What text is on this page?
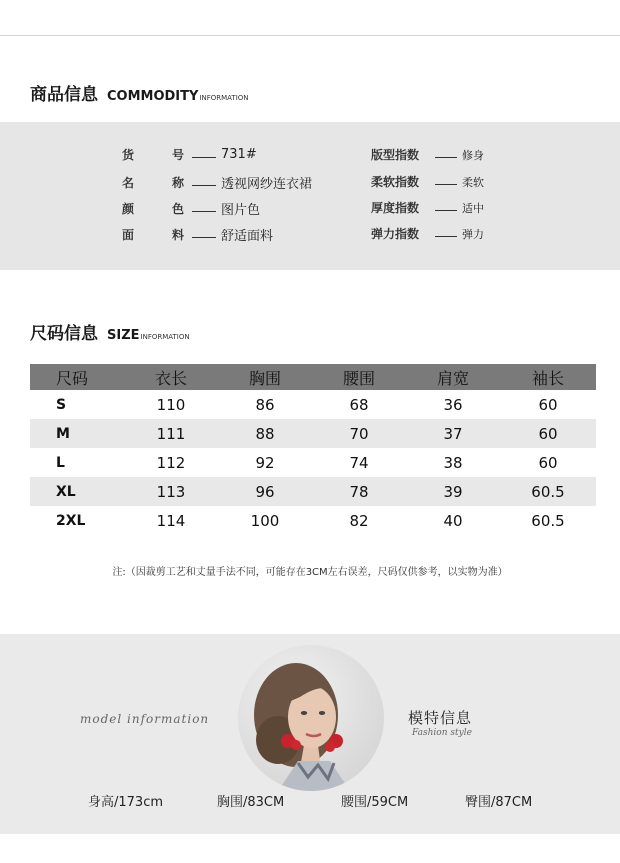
商品信息 COMMODITY INFORMATION
货	号	731#
名	称	透视网纱连衣裙
颜	色	图片色
面	料	舒适面料
版型指数	修身
柔软指数	柔软
厚度指数	适中
弹力指数	弹力
尺码信息 SIZE INFORMATION
尺码	衣长	胸围	腰围	肩宽	袖长
S	110	86	68	36	60
M	111	88	70	37	60
L	112	92	74	38	60
XL	113	96	78	39	60.5
2XL	114	100	82	40	60.5
注:（因裁剪工艺和丈量手法不同，可能存在3CM左右误差，尺码仅供参考，以实物为准）
model information	模特信息
Fashion style
身高/173cm	胸围/83CM	腰围/59CM	臀围/87CM
